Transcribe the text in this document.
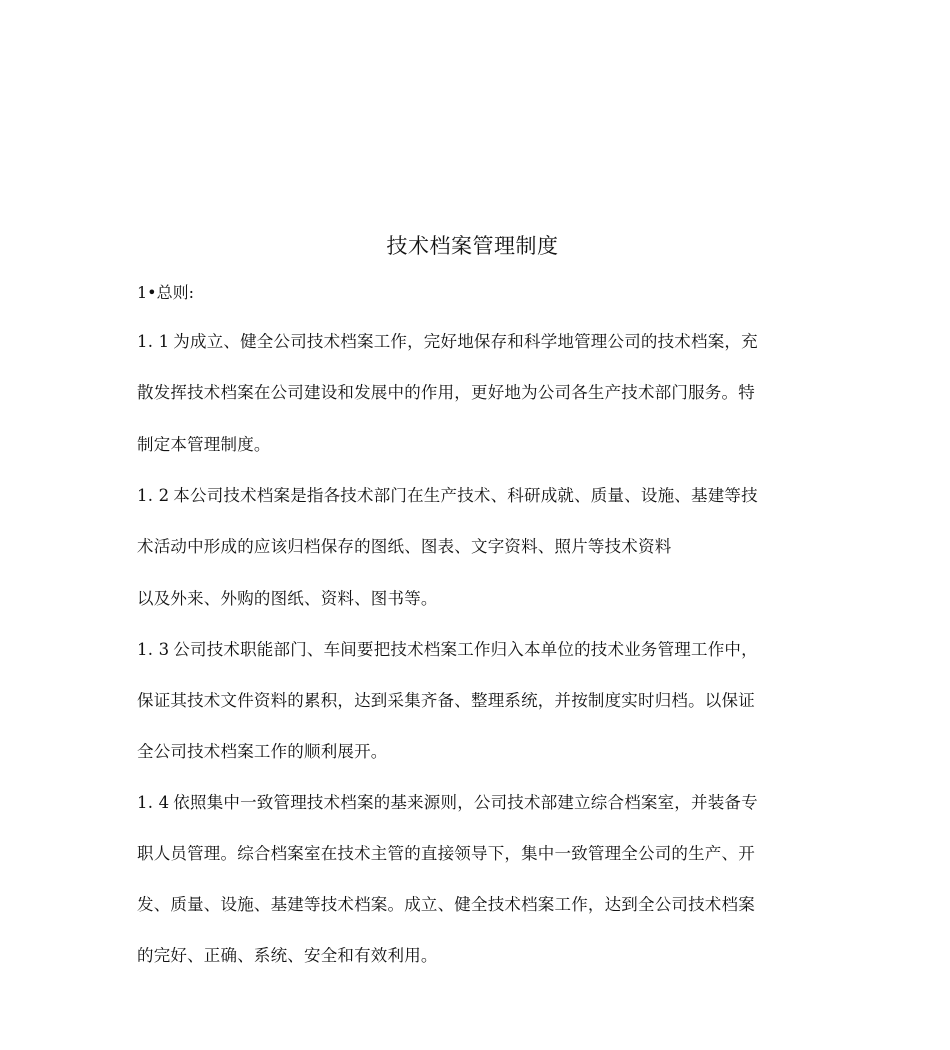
技术档案管理制度
1•总则:
1. 1 为成立、健全公司技术档案工作，完好地保存和科学地管理公司的技术档案，充
散发挥技术档案在公司建设和发展中的作用，更好地为公司各生产技术部门服务。特
制定本管理制度。
1. 2 本公司技术档案是指各技术部门在生产技术、科研成就、质量、设施、基建等技
术活动中形成的应该归档保存的图纸、图表、文字资料、照片等技术资料
以及外来、外购的图纸、资料、图书等。
1. 3 公司技术职能部门、车间要把技术档案工作归入本单位的技术业务管理工作中，
保证其技术文件资料的累积，达到采集齐备、整理系统，并按制度实时归档。以保证
全公司技术档案工作的顺利展开。
1. 4 依照集中一致管理技术档案的基来源则，公司技术部建立综合档案室，并装备专
职人员管理。综合档案室在技术主管的直接领导下，集中一致管理全公司的生产、开
发、质量、设施、基建等技术档案。成立、健全技术档案工作，达到全公司技术档案
的完好、正确、系统、安全和有效利用。
